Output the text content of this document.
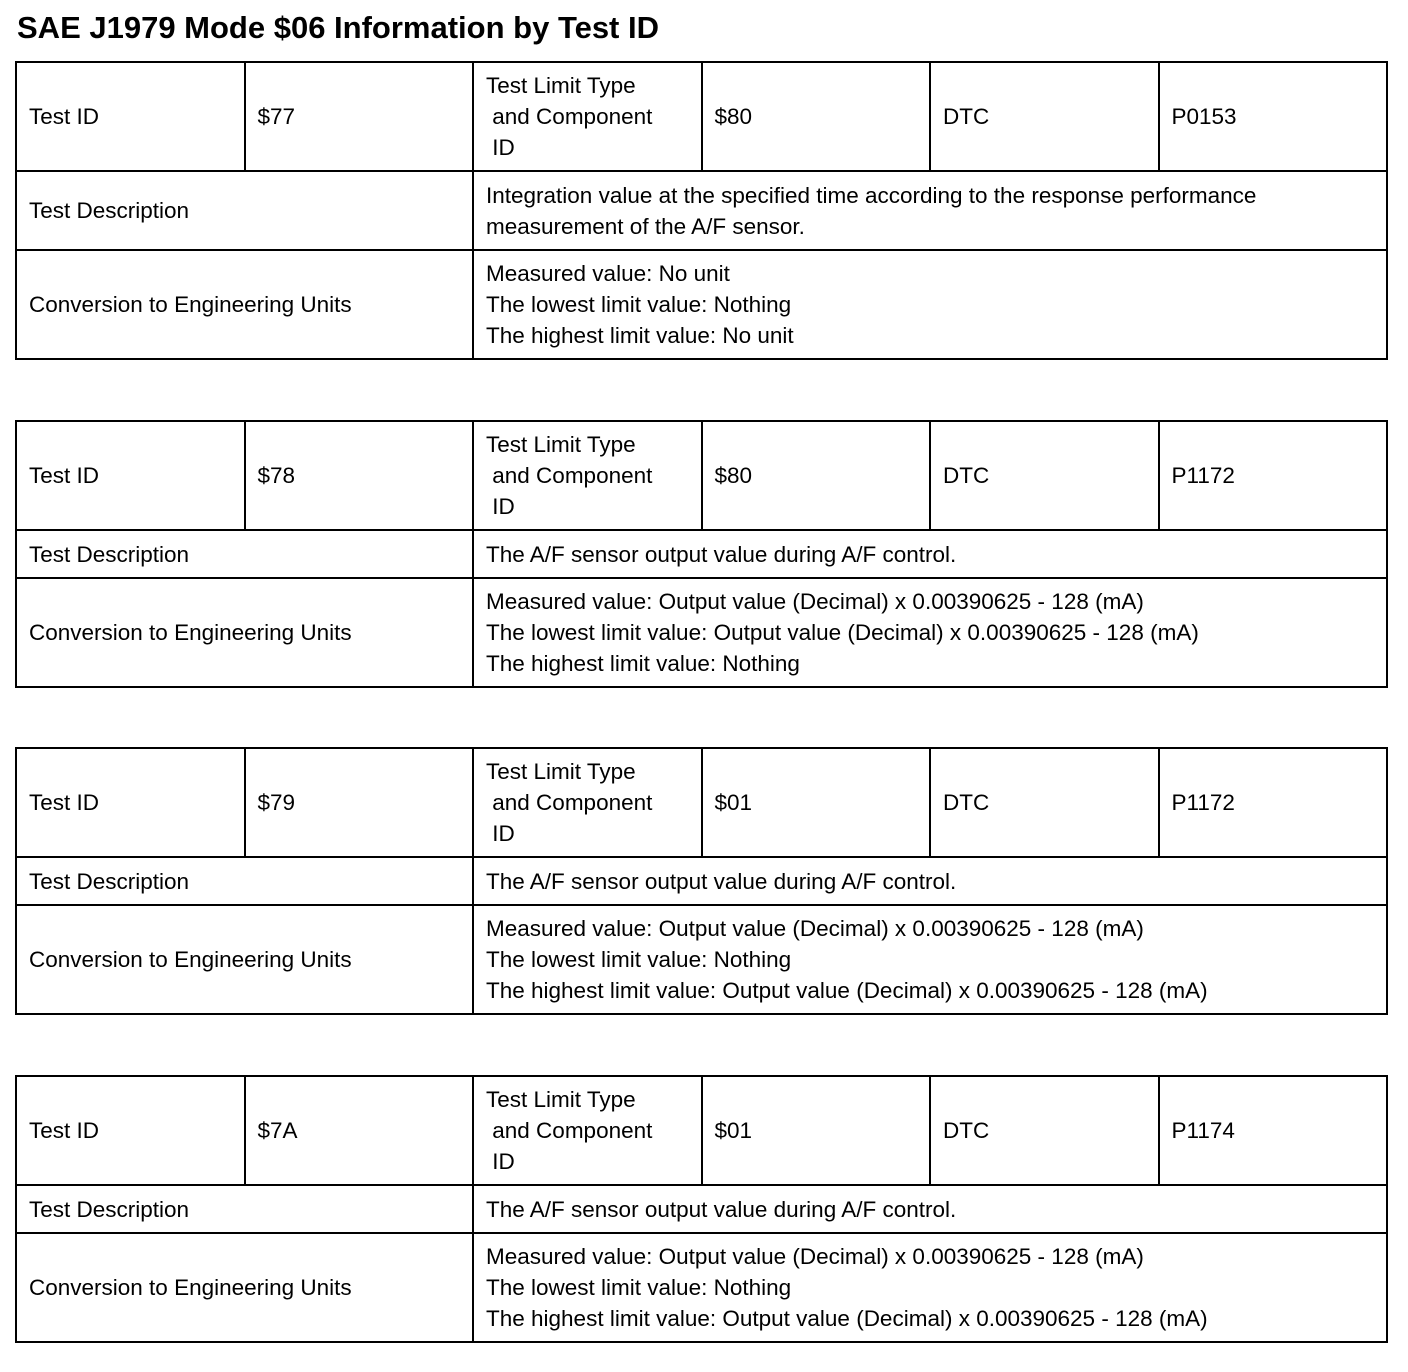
SAE J1979 Mode $06 Information by Test ID
Test ID	$77	Test Limit Type
and Component
ID	$80	DTC	P0153
Test Description		Integration value at the specified time according to the response performance measurement of the A/F sensor.			
Conversion to Engineering Units		Measured value: No unit
The lowest limit value: Nothing
The highest limit value: No unit			
Test ID	$78	Test Limit Type
and Component
ID	$80	DTC	P1172
Test Description		The A/F sensor output value during A/F control.			
Conversion to Engineering Units		Measured value: Output value (Decimal) x 0.00390625 - 128 (mA)
The lowest limit value: Output value (Decimal) x 0.00390625 - 128 (mA)
The highest limit value: Nothing			
Test ID	$79	Test Limit Type
and Component
ID	$01	DTC	P1172
Test Description		The A/F sensor output value during A/F control.			
Conversion to Engineering Units		Measured value: Output value (Decimal) x 0.00390625 - 128 (mA)
The lowest limit value: Nothing
The highest limit value: Output value (Decimal) x 0.00390625 - 128 (mA)			
Test ID	$7A	Test Limit Type
and Component
ID	$01	DTC	P1174
Test Description		The A/F sensor output value during A/F control.			
Conversion to Engineering Units		Measured value: Output value (Decimal) x 0.00390625 - 128 (mA)
The lowest limit value: Nothing
The highest limit value: Output value (Decimal) x 0.00390625 - 128 (mA)			
